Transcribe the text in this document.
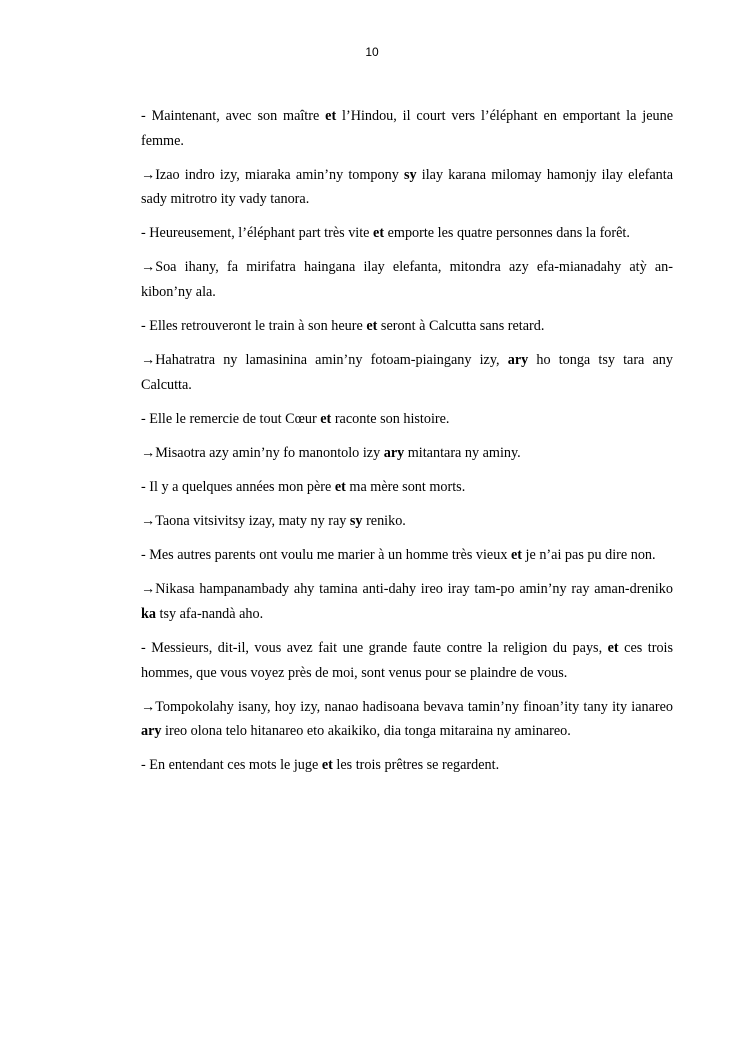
10

- Maintenant, avec son maître et l’Hindou, il court vers l’éléphant en emportant la jeune femme.

→Izao indro izy, miaraka amin’ny tompony sy ilay karana milomay hamonjy ilay elefanta sady mitrotro ity vady tanora.

- Heureusement, l’éléphant part très vite et emporte les quatre personnes dans la forêt.

→Soa ihany, fa mirifatra haingana ilay elefanta, mitondra azy efa-mianadahy atỳ an-kibon’ny ala.

- Elles retrouveront le train à son heure et seront à Calcutta sans retard.

→Hahatratra ny lamasinina amin’ny fotoam-piaingany izy, ary ho tonga tsy tara any Calcutta.

- Elle le remercie de tout Cœur et raconte son histoire.

→Misaotra azy amin’ny fo manontolo izy ary mitantara ny aminy.

- Il y a quelques années mon père et ma mère sont morts.

→Taona vitsivitsy izay, maty ny ray sy reniko.

- Mes autres parents ont voulu me marier à un homme très vieux et je n’ai pas pu dire non.

→Nikasa hampanambady ahy tamina anti-dahy ireo iray tam-po amin’ny ray aman-dreniko ka tsy afa-nandà aho.

- Messieurs, dit-il, vous avez fait une grande faute contre la religion du pays, et ces trois hommes, que vous voyez près de moi, sont venus pour se plaindre de vous.

→Tompokolahy isany, hoy izy, nanao hadisoana bevava tamin’ny finoan’ity tany ity ianareo ary ireo olona telo hitanareo eto akaikiko, dia tonga mitaraina ny aminareo.

- En entendant ces mots le juge et les trois prêtres se regardent.
